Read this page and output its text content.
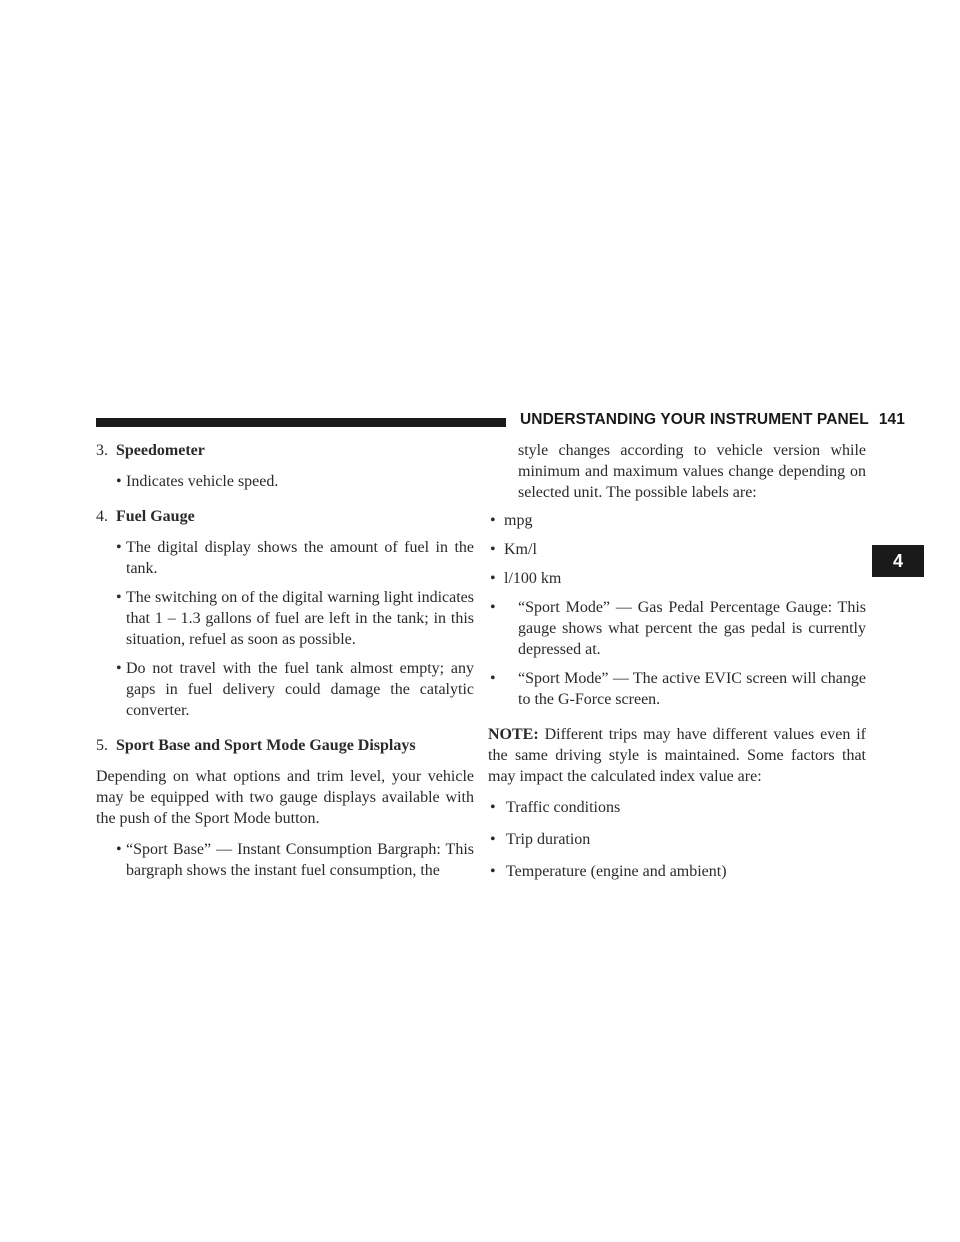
UNDERSTANDING YOUR INSTRUMENT PANEL 141
4
3. Speedometer
• Indicates vehicle speed.
4. Fuel Gauge
• The digital display shows the amount of fuel in the tank.
• The switching on of the digital warning light indicates that 1 – 1.3 gallons of fuel are left in the tank; in this situation, refuel as soon as possible.
• Do not travel with the fuel tank almost empty; any gaps in fuel delivery could damage the catalytic converter.
5. Sport Base and Sport Mode Gauge Displays
Depending on what options and trim level, your vehicle may be equipped with two gauge displays available with the push of the Sport Mode button.
• “Sport Base” — Instant Consumption Bargraph: This bargraph shows the instant fuel consumption, the
style changes according to vehicle version while minimum and maximum values change depending on selected unit. The possible labels are:
• mpg
• Km/l
• l/100 km
• “Sport Mode” — Gas Pedal Percentage Gauge: This gauge shows what percent the gas pedal is currently depressed at.
• “Sport Mode” — The active EVIC screen will change to the G-Force screen.
NOTE: Different trips may have different values even if the same driving style is maintained. Some factors that may impact the calculated index value are:
• Traffic conditions
• Trip duration
• Temperature (engine and ambient)
